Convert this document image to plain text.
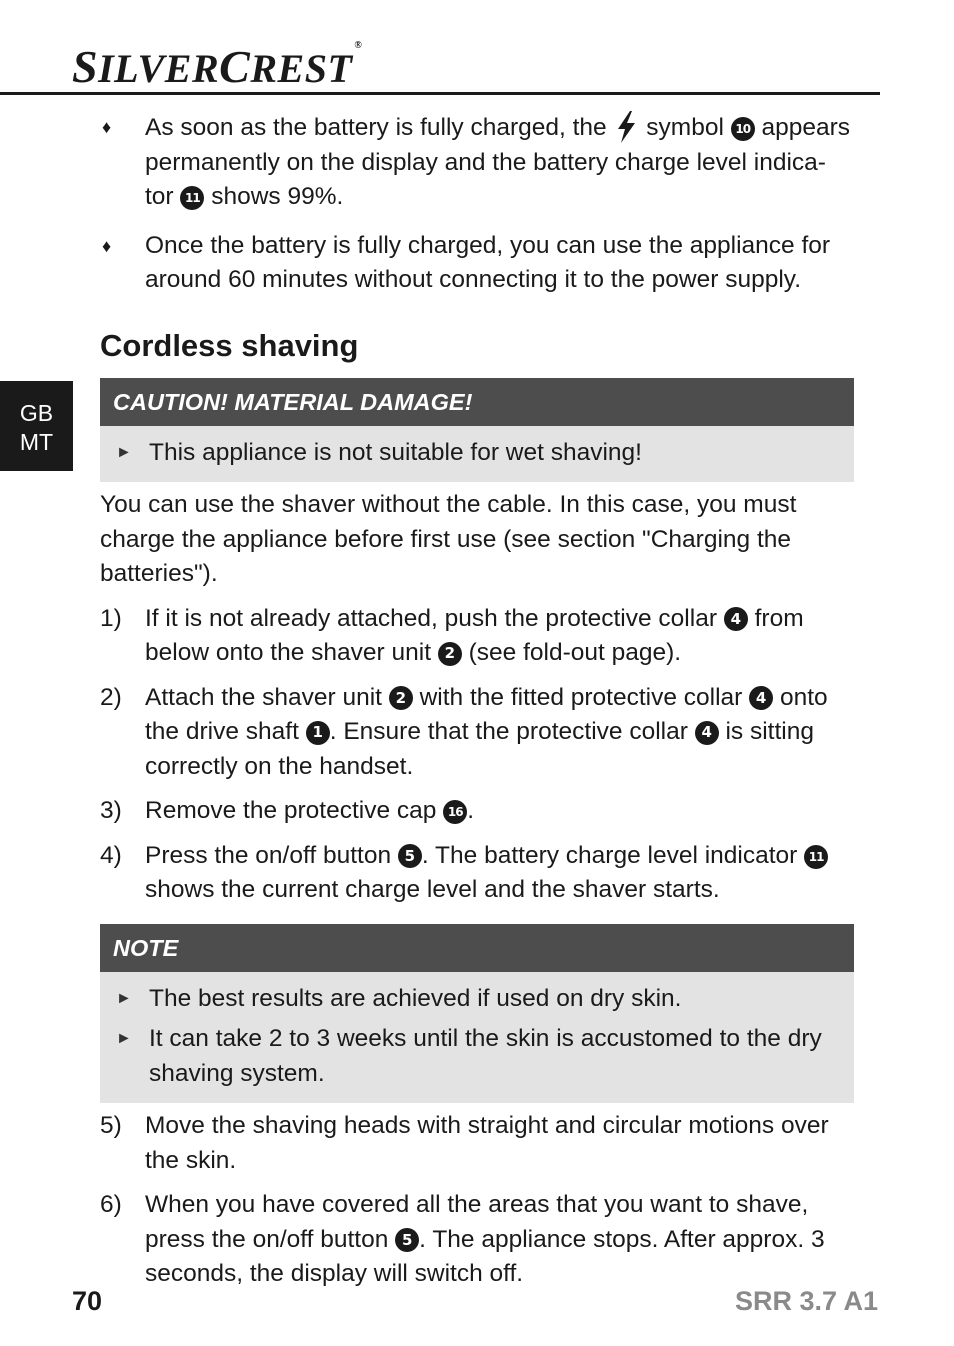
SILVERCREST®
GB
MT
♦ As soon as the battery is fully charged, the  symbol 10 appears permanently on the display and the battery charge level indica-tor 11 shows 99%.
♦ Once the battery is fully charged, you can use the appliance for around 60 minutes without connecting it to the power supply.
Cordless shaving
CAUTION! MATERIAL DAMAGE!
► This appliance is not suitable for wet shaving!
You can use the shaver without the cable. In this case, you must charge the appliance before first use (see section "Charging the batteries").
1) If it is not already attached, push the protective collar 4 from below onto the shaver unit 2 (see fold-out page).
2) Attach the shaver unit 2 with the fitted protective collar 4 onto the drive shaft 1 . Ensure that the protective collar 4 is sitting correctly on the handset.
3) Remove the protective cap 16 .
4) Press the on/off button 5 . The battery charge level indicator 11 shows the current charge level and the shaver starts.
NOTE
► The best results are achieved if used on dry skin.
► It can take 2 to 3 weeks until the skin is accustomed to the dry shaving system.
5) Move the shaving heads with straight and circular motions over the skin.
6) When you have covered all the areas that you want to shave, press the on/off button 5 . The appliance stops. After approx. 3 seconds, the display will switch off.
70	SRR 3.7 A1
